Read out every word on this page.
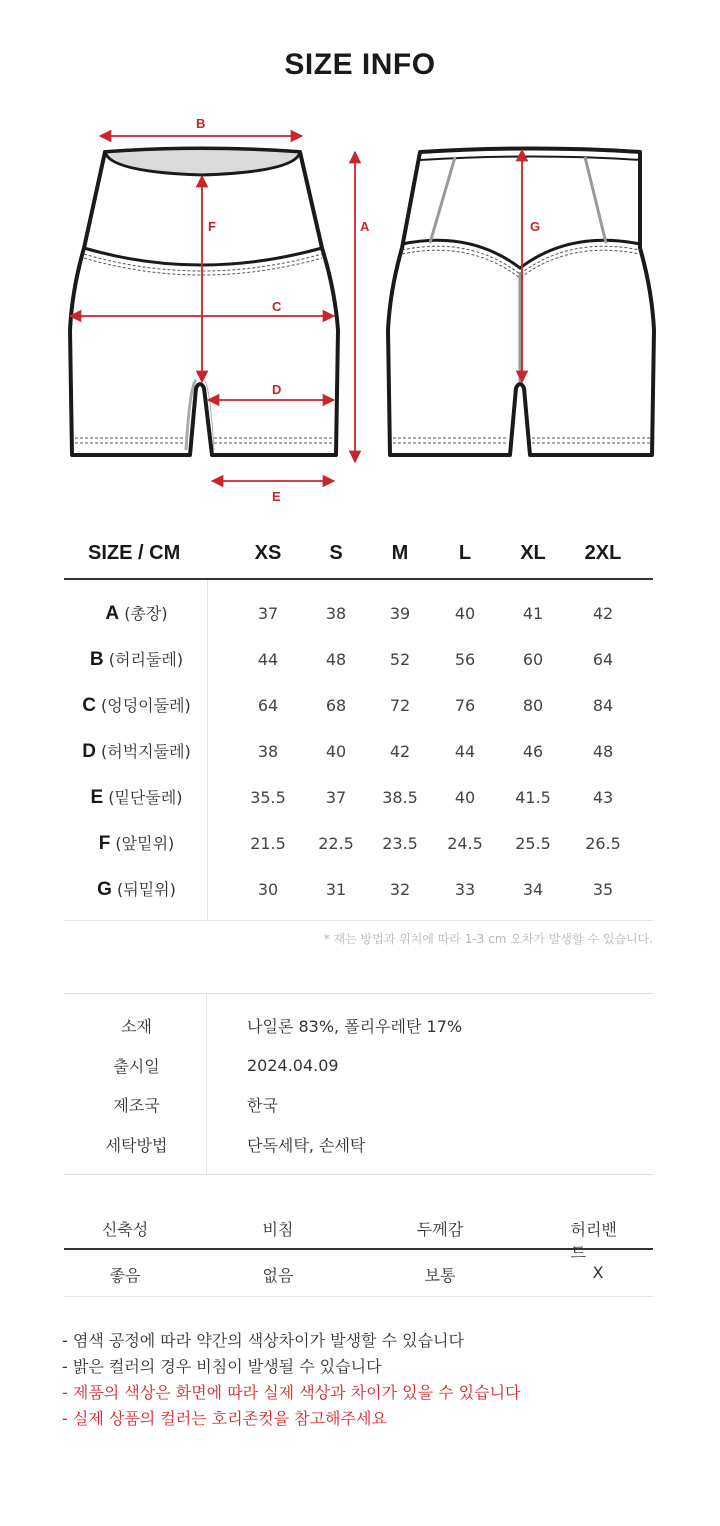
SIZE INFO
B
A
F
C
D
E
G
SIZE / CM	XS S M	L XL 2XL
A (총장)	37	38	39	40	41	42
B (허리둘레)	44	48	52	56	60	64
C (엉덩이둘레)	64	68	72	76	80	84
D (허벅지둘레)	38	40	42	44	46	48
E (밑단둘레)	35.5	37 38.5 40	41.5	43
F (앞밑위)	21.5 22.5 23.5 24.5 25.5 26.5
G (뒤밑위)	30	31	32	33	34	35
* 재는 방법과 위치에 따라 1-3 cm 오차가 발생할 수 있습니다.
소재	나일론 83%, 폴리우레탄 17%
출시일	2024.04.09
제조국	한국
세탁방법	단독세탁, 손세탁
신축성	비침	두께감	허리밴드
좋음	없음	보통	X
- 염색 공정에 따라 약간의 색상차이가 발생할 수 있습니다
- 밝은 컬러의 경우 비침이 발생될 수 있습니다
- 제품의 색상은 화면에 따라 실제 색상과 차이가 있을 수 있습니다
- 실제 상품의 컬러는 호리존컷을 참고해주세요
